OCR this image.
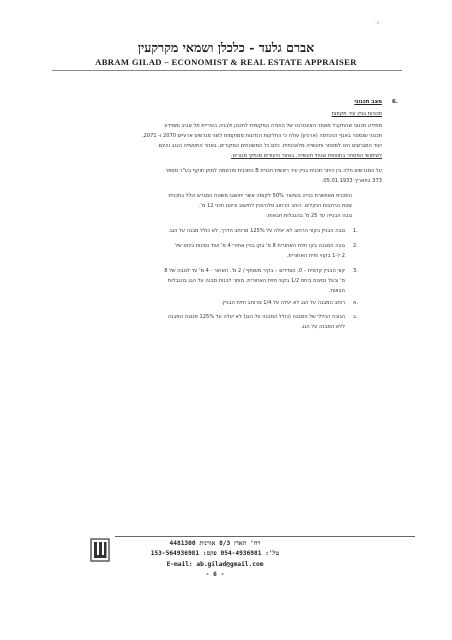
- 2 -
אברם גלעד - כלכלן ושמאי מקרקעין
ABRAM GILAD – ECONOMIST & REAL ESTATE APPRAISER
6.
מצב תכנוני
תכניות בניין עיר תקפות
ממידע תכנוני שהתקבל מאתר האינטרנט של הועדה המקומית לתכנון ולבניה בעיריית תל אביב וממידע
תכנוני שנמסר באגף ההנדסה (ארכיון) עולה כי החלקות הנדונות ממוקמות לשני מגרשים ארעיים 2070 ו- 2071,
יעוד המגרשים הינו למסחר ותעשייה מלאכותית. כיום כל המשטחים המקורים, באזור התעשייה הנגב והינם
לשימושי המסחר בתוספת שטחי תעשייה. באזור היעודים מנתקי מגורים.
על המגרשים חלה בין היתר תכנית בניין עיר ראשית תכנית B התכנית פורסמה למתן תוקף בע"ר מספר
373 בתאריך 05.01.1933.
התכנית מאפשרת בנייה בשיעור 50% לקומה אשר יחושבו משטח המגרש כולל בתכנית
שטח הרחבות הנקלים. רוחב הרחוב פלורנטין לחישוב וכיוונו חיוני 12 מ'.
גובה הבנייה עד 25 מ' בהגבלות חבאות.
1.
גובה הבניין בקווי הרחוב לא יעלה על 125% מרוחב הדרך, לא כולל מבנה על הגג.
2.
גובה המבנה בקו חזית האחורית 8 מ' בקו בניין אחורי 4 מ' ועוד נסיגות ביחס של
2 ל-1 בקווי חזית האחורית.
3.
קווי הבניין קדמית – 0, הצדדים – בקיר משותף / 2 מ'. האחור - 4 מ' עד לגובה של 8
מ' ובעל נסיגות ביחס 1/2 בקווי חזית האחורית. מותר לבנות מבנה על הגג בהגבלות
חבאות.
א.
רוחב המבנה על הגג לא יעלה על 1/4 מרוחב חזית הבניין.
ב.
הגובה הכללי של המבנה (כולל המבנה על הגג) לא יעלה על 125% מגובה המבנה
ללא המבנה על הגג.
רח' הארז 8/3 אורנית 4481300
טל': 054-4936981 פקס: 153-564936981
E-mail: ab.gilad@gmail.com
- 6 -
